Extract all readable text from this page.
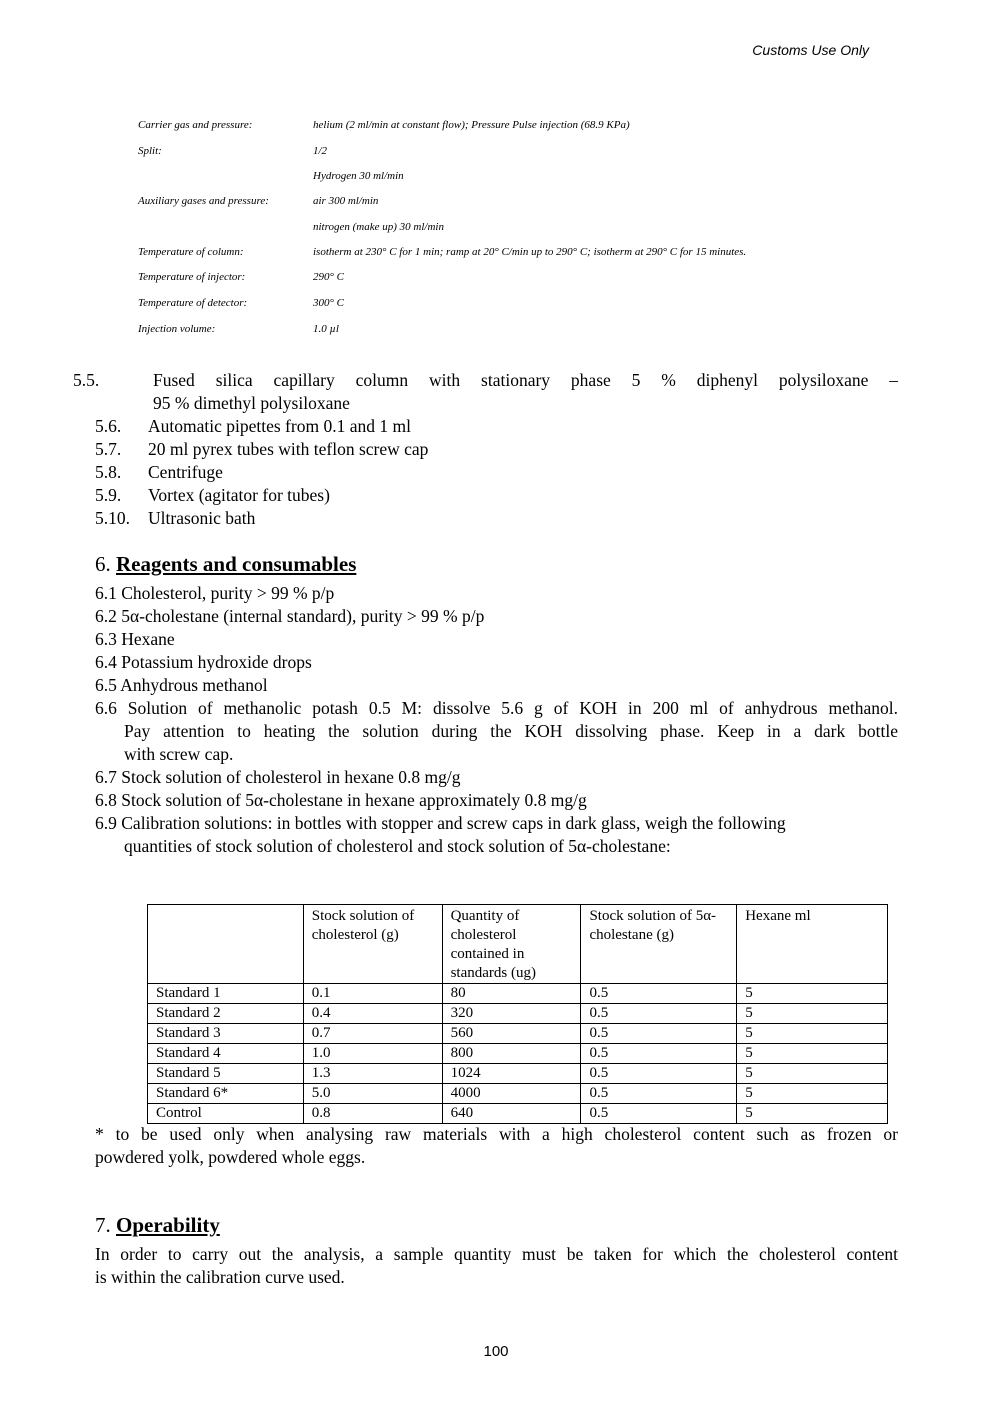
Customs Use Only
Carrier gas and pressure:	helium (2 ml/min at constant flow); Pressure Pulse injection (68.9 KPa)
Split:	1/2
Hydrogen 30 ml/min
Auxiliary gases and pressure:	air 300 ml/min
nitrogen (make up) 30 ml/min
Temperature of column:	isotherm at 230° C for 1 min; ramp at 20° C/min up to 290° C; isotherm at 290° C for 15 minutes.
Temperature of injector:	290° C
Temperature of detector:	300° C
Injection volume:	1.0 µl
5.5.	Fused silica capillary column with stationary phase 5 % diphenyl polysiloxane –
95 % dimethyl polysiloxane
5.6. Automatic pipettes from 0.1 and 1 ml
5.7. 20 ml pyrex tubes with teflon screw cap
5.8. Centrifuge
5.9. Vortex (agitator for tubes)
5.10. Ultrasonic bath
6. Reagents and consumables
6.1 Cholesterol, purity > 99 % p/p
6.2 5α-cholestane (internal standard), purity > 99 % p/p
6.3 Hexane
6.4 Potassium hydroxide drops
6.5 Anhydrous methanol
6.6 Solution of methanolic potash 0.5 M: dissolve 5.6 g of KOH in 200 ml of anhydrous methanol.
Pay attention to heating the solution during the KOH dissolving phase. Keep in a dark bottle
with screw cap.
6.7 Stock solution of cholesterol in hexane 0.8 mg/g
6.8 Stock solution of 5α-cholestane in hexane approximately 0.8 mg/g
6.9 Calibration solutions: in bottles with stopper and screw caps in dark glass, weigh the following
quantities of stock solution of cholesterol and stock solution of 5α-cholestane:
	Stock solution of cholesterol (g)	Quantity of cholesterol contained in standards (ug)	Stock solution of 5α-cholestane (g)	Hexane ml
Standard 1	0.1	80	0.5	5
Standard 2	0.4	320	0.5	5
Standard 3	0.7	560	0.5	5
Standard 4	1.0	800	0.5	5
Standard 5	1.3	1024	0.5	5
Standard 6*	5.0	4000	0.5	5
Control	0.8	640	0.5	5
* to be used only when analysing raw materials with a high cholesterol content such as frozen or
powdered yolk, powdered whole eggs.
7. Operability
In order to carry out the analysis, a sample quantity must be taken for which the cholesterol content
is within the calibration curve used.
100
